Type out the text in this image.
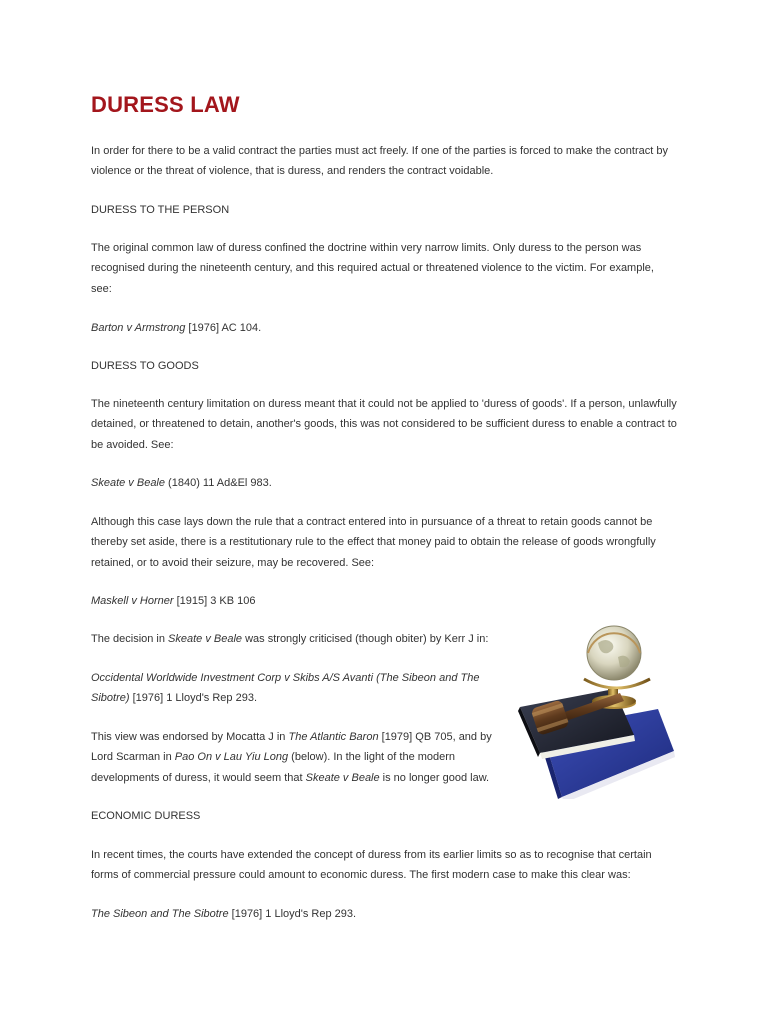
DURESS LAW

In order for there to be a valid contract the parties must act freely. If one of the parties is forced to make the contract by violence or the threat of violence, that is duress, and renders the contract voidable.

DURESS TO THE PERSON

The original common law of duress confined the doctrine within very narrow limits. Only duress to the person was recognised during the nineteenth century, and this required actual or threatened violence to the victim. For example, see:

Barton v Armstrong [1976] AC 104.

DURESS TO GOODS

The nineteenth century limitation on duress meant that it could not be applied to 'duress of goods'. If a person, unlawfully detained, or threatened to detain, another's goods, this was not considered to be sufficient duress to enable a contract to be avoided. See:

Skeate v Beale (1840) 11 Ad&El 983.

Although this case lays down the rule that a contract entered into in pursuance of a threat to retain goods cannot be thereby set aside, there is a restitutionary rule to the effect that money paid to obtain the release of goods wrongfully retained, or to avoid their seizure, may be recovered. See:

Maskell v Horner [1915] 3 KB 106

The decision in Skeate v Beale was strongly criticised (though obiter) by Kerr J in:

Occidental Worldwide Investment Corp v Skibs A/S Avanti (The Sibeon and The Sibotre) [1976] 1 Lloyd's Rep 293.

This view was endorsed by Mocatta J in The Atlantic Baron [1979] QB 705, and by Lord Scarman in Pao On v Lau Yiu Long (below). In the light of the modern developments of duress, it would seem that Skeate v Beale is no longer good law.

ECONOMIC DURESS

In recent times, the courts have extended the concept of duress from its earlier limits so as to recognise that certain forms of commercial pressure could amount to economic duress. The first modern case to make this clear was:

The Sibeon and The Sibotre [1976] 1 Lloyd's Rep 293.
